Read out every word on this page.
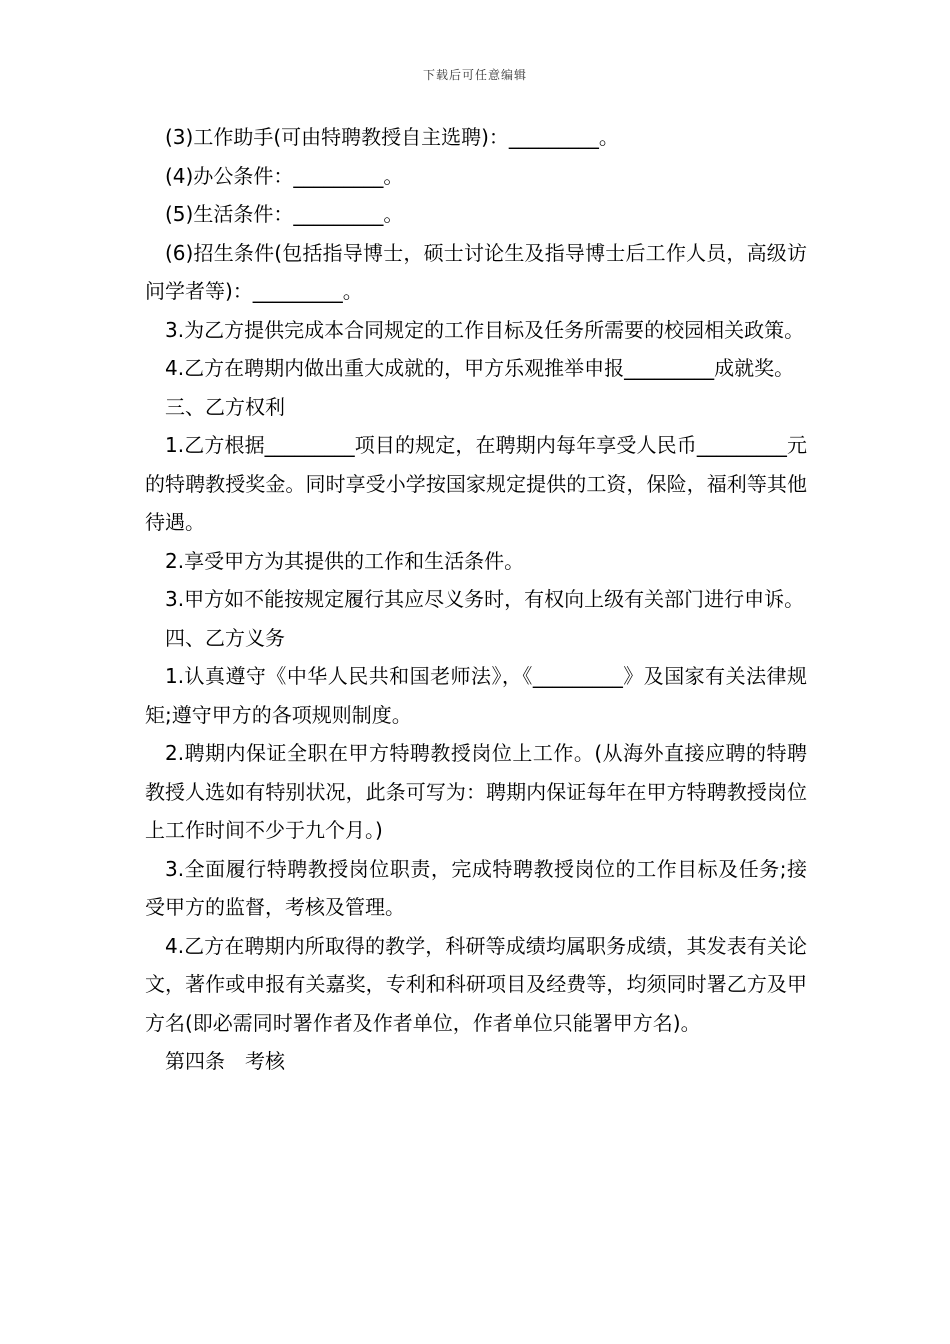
下载后可任意编辑

(3)工作助手(可由特聘教授自主选聘)：_________。

(4)办公条件：_________。

(5)生活条件：_________。

(6)招生条件(包括指导博士，硕士讨论生及指导博士后工作人员，高级访问学者等)：_________。

3.为乙方提供完成本合同规定的工作目标及任务所需要的校园相关政策。

4.乙方在聘期内做出重大成就的，甲方乐观推举申报_________成就奖。

三、乙方权利

1.乙方根据_________项目的规定，在聘期内每年享受人民币_________元的特聘教授奖金。同时享受小学按国家规定提供的工资，保险，福利等其他待遇。

2.享受甲方为其提供的工作和生活条件。

3.甲方如不能按规定履行其应尽义务时，有权向上级有关部门进行申诉。

四、乙方义务

1.认真遵守《中华人民共和国老师法》，《_________》及国家有关法律规矩;遵守甲方的各项规则制度。

2.聘期内保证全职在甲方特聘教授岗位上工作。(从海外直接应聘的特聘教授人选如有特别状况，此条可写为：聘期内保证每年在甲方特聘教授岗位上工作时间不少于九个月。)

3.全面履行特聘教授岗位职责，完成特聘教授岗位的工作目标及任务;接受甲方的监督，考核及管理。

4.乙方在聘期内所取得的教学，科研等成绩均属职务成绩，其发表有关论文，著作或申报有关嘉奖，专利和科研项目及经费等，均须同时署乙方及甲方名(即必需同时署作者及作者单位，作者单位只能署甲方名)。

第四条　考核
